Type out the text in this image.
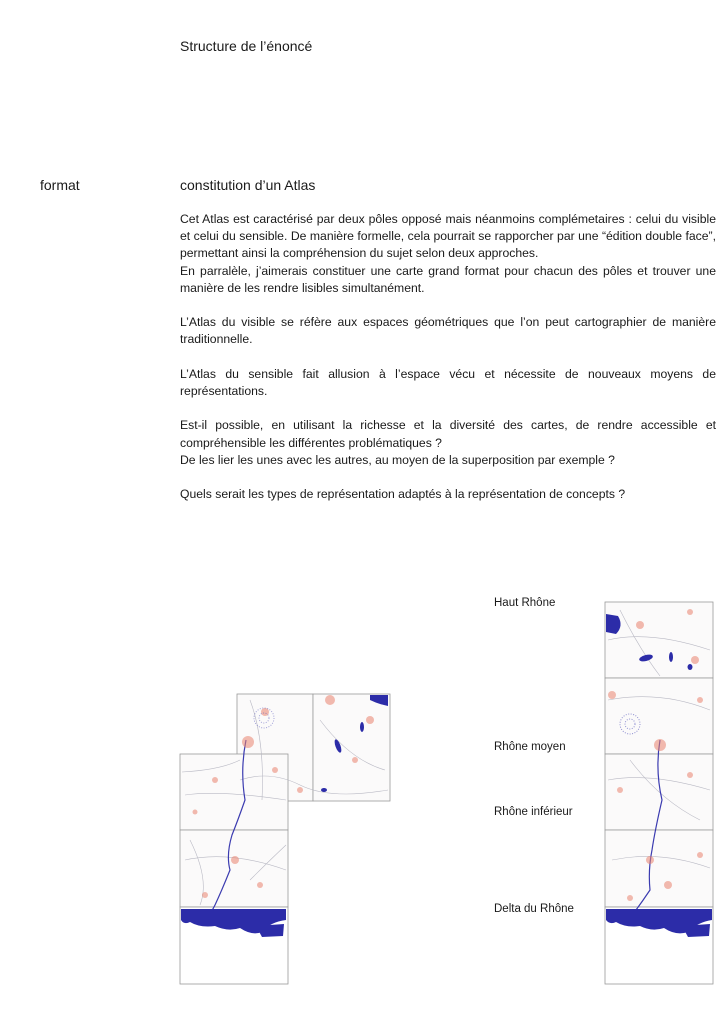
Structure de l’énoncé
format	constitution d’un Atlas

Cet Atlas est caractérisé par deux pôles opposé mais néanmoins complémetaires : celui du visible et celui du sensible. De manière formelle, cela pourrait se rapporcher par une “édition double face”, permettant ainsi la compréhension du sujet selon deux approches.
En parralèle, j’aimerais constituer une carte grand format pour chacun des pôles et trouver une manière de les rendre lisibles simultanément.

L’Atlas du visible se réfère aux espaces géométriques que l’on peut cartographier de manière traditionnelle.

L’Atlas du sensible fait allusion à l’espace vécu et nécessite de nouveaux moyens de représentations.

Est-il possible, en utilisant la richesse et la diversité des cartes, de rendre accessible et compréhensible les différentes problématiques ?
De les lier les unes avec les autres, au moyen de la superposition par exemple ?

Quels serait les types de représentation adaptés à la représentation de concepts ?

Haut Rhône
Rhône moyen
Rhône inférieur
Delta du Rhône
